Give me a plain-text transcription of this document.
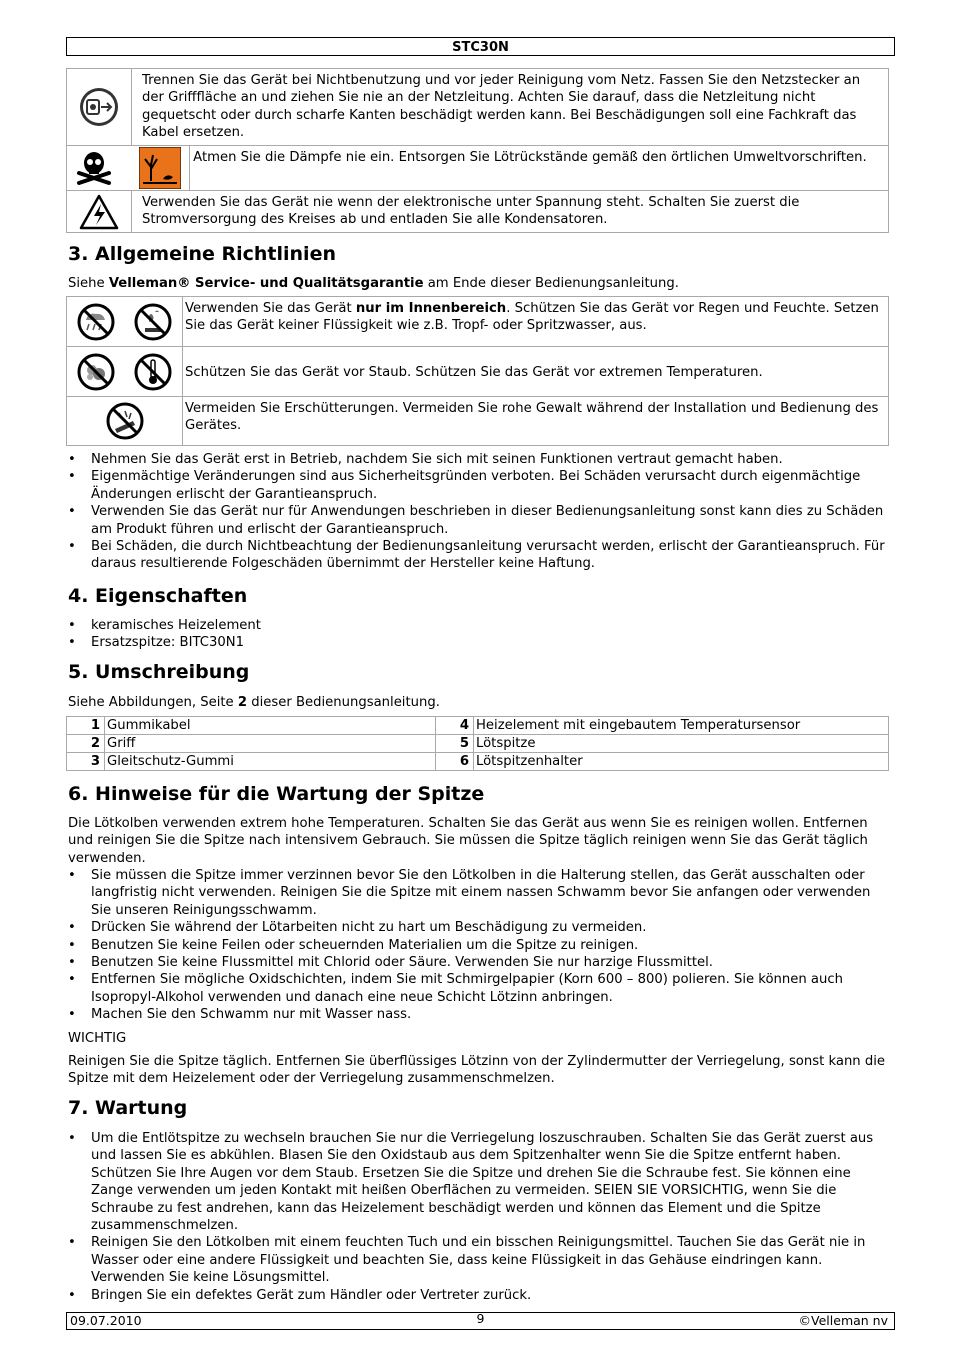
STC30N
	Trennen Sie das Gerät bei Nichtbenutzung und vor jeder Reinigung vom Netz. Fassen Sie den Netzstecker an der Grifffläche an und ziehen Sie nie an der Netzleitung. Achten Sie darauf, dass die Netzleitung nicht gequetscht oder durch scharfe Kanten beschädigt werden kann. Bei Beschädigungen soll eine Fachkraft das Kabel ersetzen.	
	Atmen Sie die Dämpfe nie ein. Entsorgen Sie Lötrückstände gemäß den örtlichen Umweltvorschriften.
	Verwenden Sie das Gerät nie wenn der elektronische unter Spannung steht. Schalten Sie zuerst die Stromversorgung des Kreises ab und entladen Sie alle Kondensatoren.	
3. Allgemeine Richtlinien

Siehe Velleman® Service- und Qualitätsgarantie am Ende dieser Bedienungsanleitung.

	Verwenden Sie das Gerät nur im Innenbereich. Schützen Sie das Gerät vor Regen und Feuchte. Setzen Sie das Gerät keiner Flüssigkeit wie z.B. Tropf- oder Spritzwasser, aus.
	Schützen Sie das Gerät vor Staub. Schützen Sie das Gerät vor extremen Temperaturen.
	Vermeiden Sie Erschütterungen. Vermeiden Sie rohe Gewalt während der Installation und Bedienung des Gerätes.
• Nehmen Sie das Gerät erst in Betrieb, nachdem Sie sich mit seinen Funktionen vertraut gemacht haben.
• Eigenmächtige Veränderungen sind aus Sicherheitsgründen verboten. Bei Schäden verursacht durch eigenmächtige Änderungen erlischt der Garantieanspruch.
• Verwenden Sie das Gerät nur für Anwendungen beschrieben in dieser Bedienungsanleitung sonst kann dies zu Schäden am Produkt führen und erlischt der Garantieanspruch.
• Bei Schäden, die durch Nichtbeachtung der Bedienungsanleitung verursacht werden, erlischt der Garantieanspruch. Für daraus resultierende Folgeschäden übernimmt der Hersteller keine Haftung.
4. Eigenschaften
• keramisches Heizelement
• Ersatzspitze: BITC30N1
5. Umschreibung

Siehe Abbildungen, Seite 2 dieser Bedienungsanleitung.

1	Gummikabel	4	Heizelement mit eingebautem Temperatursensor
2	Griff	5	Lötspitze
3	Gleitschutz-Gummi	6	Lötspitzenhalter
6. Hinweise für die Wartung der Spitze

Die Lötkolben verwenden extrem hohe Temperaturen. Schalten Sie das Gerät aus wenn Sie es reinigen wollen. Entfernen und reinigen Sie die Spitze nach intensivem Gebrauch. Sie müssen die Spitze täglich reinigen wenn Sie das Gerät täglich verwenden.

• Sie müssen die Spitze immer verzinnen bevor Sie den Lötkolben in die Halterung stellen, das Gerät ausschalten oder langfristig nicht verwenden. Reinigen Sie die Spitze mit einem nassen Schwamm bevor Sie anfangen oder verwenden Sie unseren Reinigungsschwamm.
• Drücken Sie während der Lötarbeiten nicht zu hart um Beschädigung zu vermeiden.
• Benutzen Sie keine Feilen oder scheuernden Materialien um die Spitze zu reinigen.
• Benutzen Sie keine Flussmittel mit Chlorid oder Säure. Verwenden Sie nur harzige Flussmittel.
• Entfernen Sie mögliche Oxidschichten, indem Sie mit Schmirgelpapier (Korn 600 – 800) polieren. Sie können auch Isopropyl-Alkohol verwenden und danach eine neue Schicht Lötzinn anbringen.
• Machen Sie den Schwamm nur mit Wasser nass.

WICHTIG

Reinigen Sie die Spitze täglich. Entfernen Sie überflüssiges Lötzinn von der Zylindermutter der Verriegelung, sonst kann die Spitze mit dem Heizelement oder der Verriegelung zusammenschmelzen.

7. Wartung
• Um die Entlötspitze zu wechseln brauchen Sie nur die Verriegelung loszuschrauben. Schalten Sie das Gerät zuerst aus und lassen Sie es abkühlen. Blasen Sie den Oxidstaub aus dem Spitzenhalter wenn Sie die Spitze entfernt haben. Schützen Sie Ihre Augen vor dem Staub. Ersetzen Sie die Spitze und drehen Sie die Schraube fest. Sie können eine Zange verwenden um jeden Kontakt mit heißen Oberflächen zu vermeiden. SEIEN SIE VORSICHTIG, wenn Sie die Schraube zu fest andrehen, kann das Heizelement beschädigt werden und können das Element und die Spitze zusammenschmelzen.
• Reinigen Sie den Lötkolben mit einem feuchten Tuch und ein bisschen Reinigungsmittel. Tauchen Sie das Gerät nie in Wasser oder eine andere Flüssigkeit und beachten Sie, dass keine Flüssigkeit in das Gehäuse eindringen kann. Verwenden Sie keine Lösungsmittel.
• Bringen Sie ein defektes Gerät zum Händler oder Vertreter zurück.
09.07.2010	9	©Velleman nv
